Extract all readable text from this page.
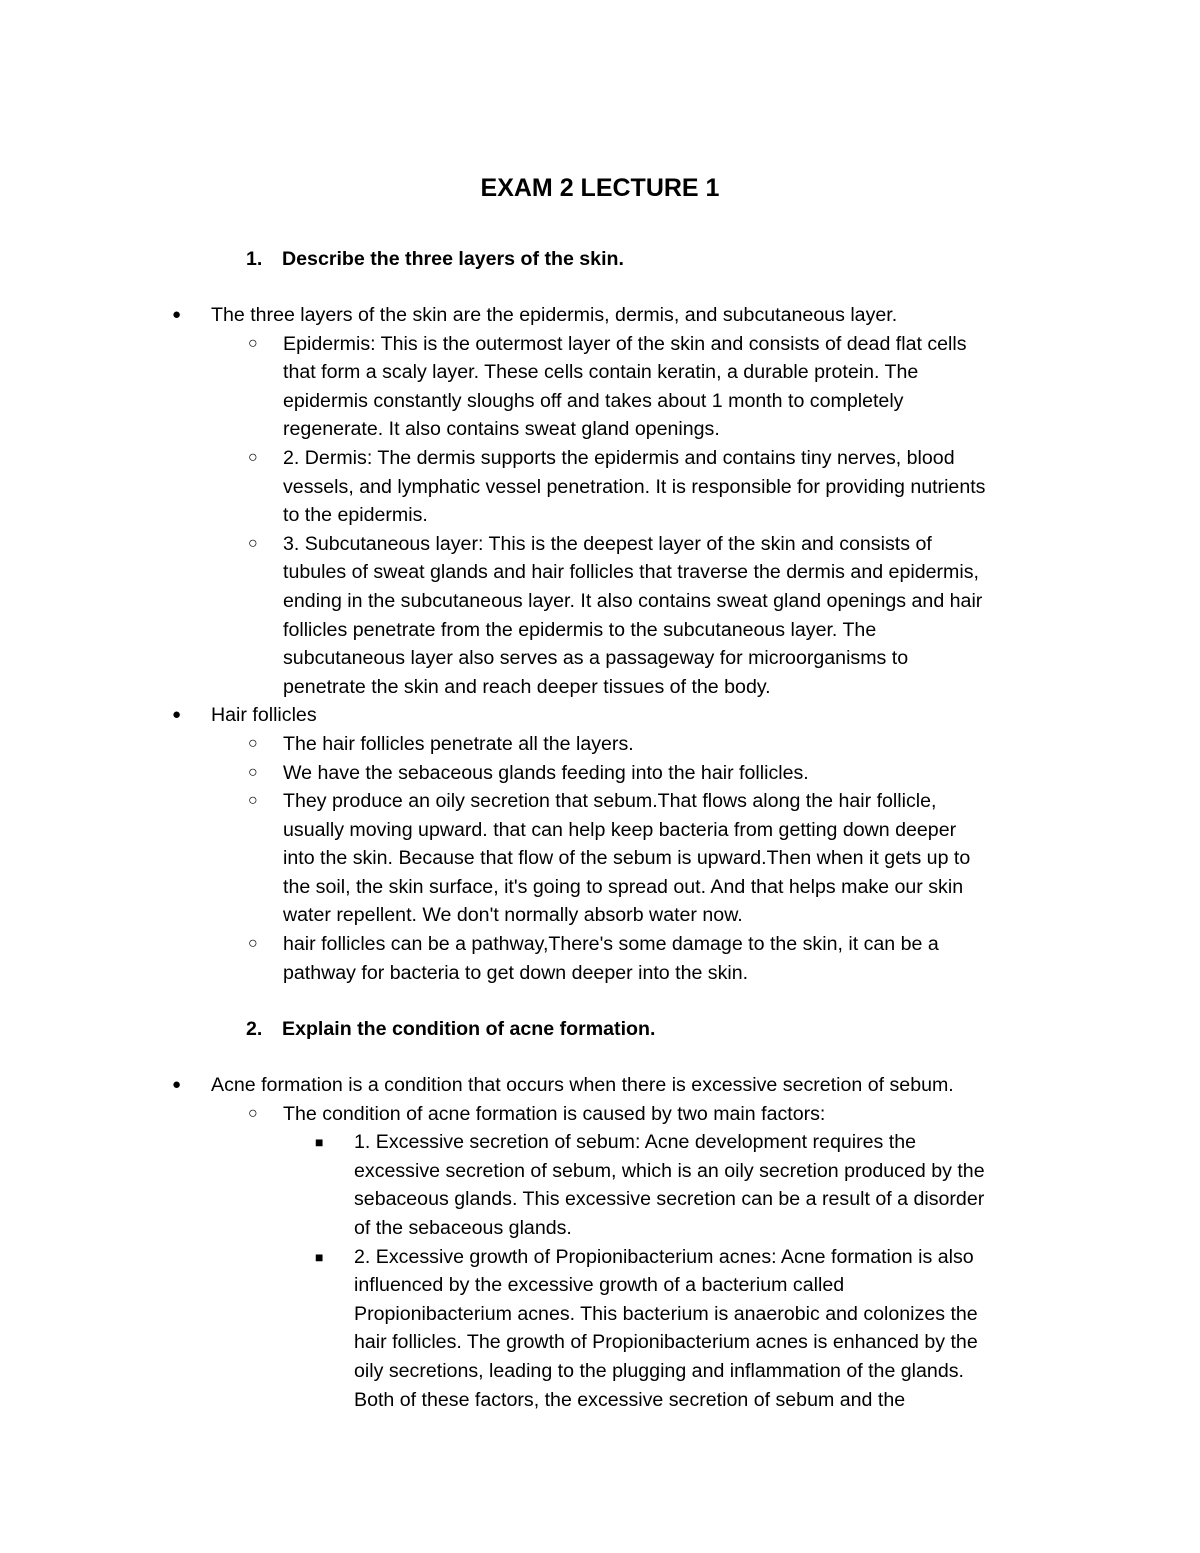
EXAM 2 LECTURE 1
1. Describe the three layers of the skin.
● The three layers of the skin are the epidermis, dermis, and subcutaneous layer.
○ Epidermis: This is the outermost layer of the skin and consists of dead flat cells
that form a scaly layer. These cells contain keratin, a durable protein. The
epidermis constantly sloughs off and takes about 1 month to completely
regenerate. It also contains sweat gland openings.
○ 2. Dermis: The dermis supports the epidermis and contains tiny nerves, blood
vessels, and lymphatic vessel penetration. It is responsible for providing nutrients
to the epidermis.
○ 3. Subcutaneous layer: This is the deepest layer of the skin and consists of
tubules of sweat glands and hair follicles that traverse the dermis and epidermis,
ending in the subcutaneous layer. It also contains sweat gland openings and hair
follicles penetrate from the epidermis to the subcutaneous layer. The
subcutaneous layer also serves as a passageway for microorganisms to
penetrate the skin and reach deeper tissues of the body.
● Hair follicles
○ The hair follicles penetrate all the layers.
○ We have the sebaceous glands feeding into the hair follicles.
○ They produce an oily secretion that sebum.That flows along the hair follicle,
usually moving upward. that can help keep bacteria from getting down deeper
into the skin. Because that flow of the sebum is upward.Then when it gets up to
the soil, the skin surface, it's going to spread out. And that helps make our skin
water repellent. We don't normally absorb water now.
○ hair follicles can be a pathway,There's some damage to the skin, it can be a
pathway for bacteria to get down deeper into the skin.
2. Explain the condition of acne formation.
● Acne formation is a condition that occurs when there is excessive secretion of sebum.
○ The condition of acne formation is caused by two main factors:
■ 1. Excessive secretion of sebum: Acne development requires the
excessive secretion of sebum, which is an oily secretion produced by the
sebaceous glands. This excessive secretion can be a result of a disorder
of the sebaceous glands.
■ 2. Excessive growth of Propionibacterium acnes: Acne formation is also
influenced by the excessive growth of a bacterium called
Propionibacterium acnes. This bacterium is anaerobic and colonizes the
hair follicles. The growth of Propionibacterium acnes is enhanced by the
oily secretions, leading to the plugging and inflammation of the glands.
Both of these factors, the excessive secretion of sebum and the
